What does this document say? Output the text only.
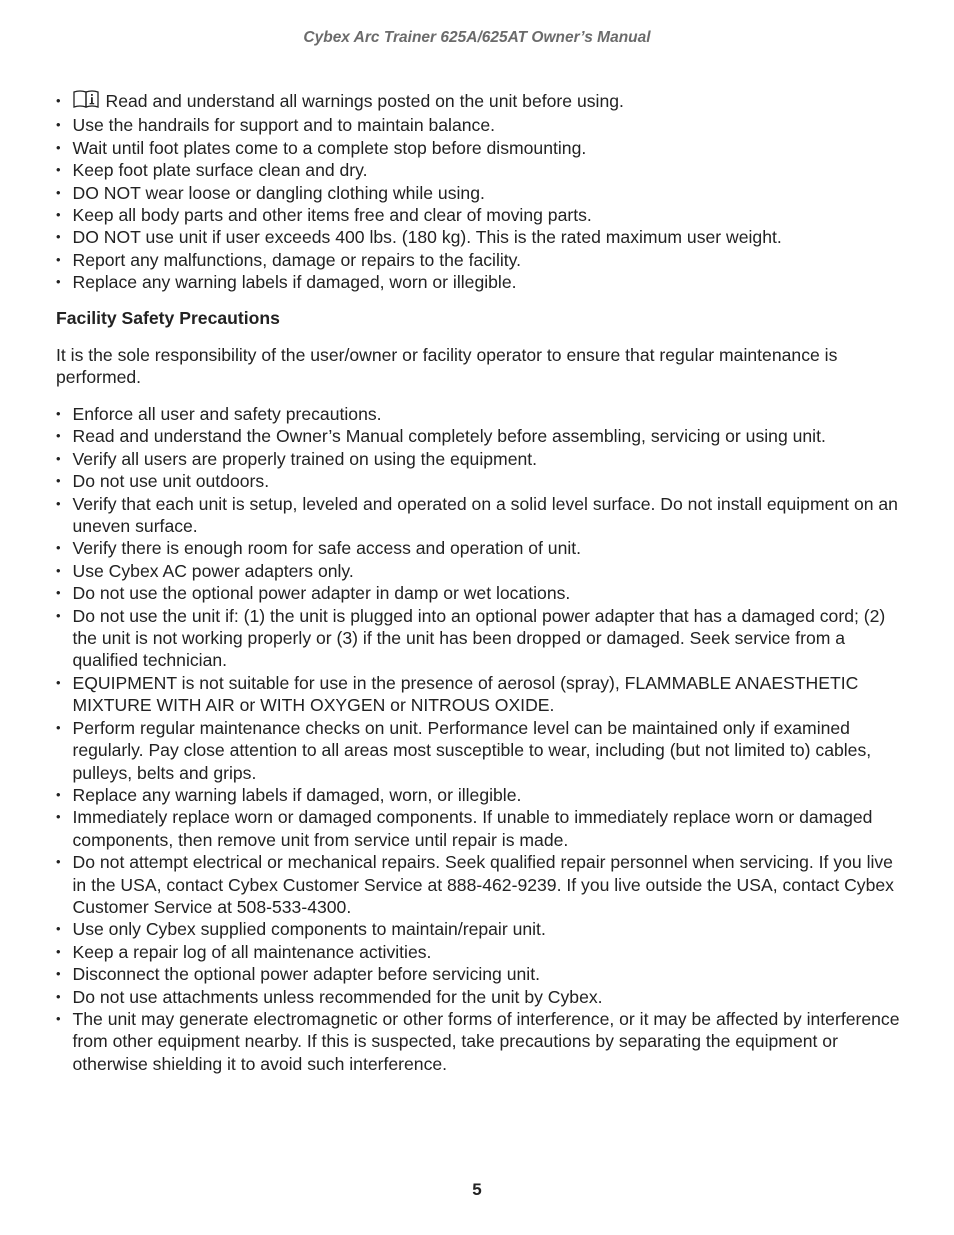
Cybex Arc Trainer 625A/625AT Owner’s Manual
•	Read and understand all warnings posted on the unit before using.
• Use the handrails for support and to maintain balance.
• Wait until foot plates come to a complete stop before dismounting.
• Keep foot plate surface clean and dry.
• DO NOT wear loose or dangling clothing while using.
• Keep all body parts and other items free and clear of moving parts.
• DO NOT use unit if user exceeds 400 lbs. (180 kg). This is the rated maximum user weight.
• Report any malfunctions, damage or repairs to the facility.
• Replace any warning labels if damaged, worn or illegible.
Facility Safety Precautions
It is the sole responsibility of the user/owner or facility operator to ensure that regular maintenance is performed.
• Enforce all user and safety precautions.
• Read and understand the Owner’s Manual completely before assembling, servicing or using unit.
• Verify all users are properly trained on using the equipment.
• Do not use unit outdoors.
• Verify that each unit is setup, leveled and operated on a solid level surface. Do not install equipment on an uneven surface.
• Verify there is enough room for safe access and operation of unit.
• Use Cybex AC power adapters only.
• Do not use the optional power adapter in damp or wet locations.
• Do not use the unit if: (1) the unit is plugged into an optional power adapter that has a damaged cord; (2) the unit is not working properly or (3) if the unit has been dropped or damaged. Seek service from a qualified technician.
• EQUIPMENT is not suitable for use in the presence of aerosol (spray), FLAMMABLE ANAESTHETIC MIXTURE WITH AIR or WITH OXYGEN or NITROUS OXIDE.
• Perform regular maintenance checks on unit. Performance level can be maintained only if examined regularly. Pay close attention to all areas most susceptible to wear, including (but not limited to) cables, pulleys, belts and grips.
• Replace any warning labels if damaged, worn, or illegible.
• Immediately replace worn or damaged components. If unable to immediately replace worn or damaged components, then remove unit from service until repair is made.
• Do not attempt electrical or mechanical repairs. Seek qualified repair personnel when servicing. If you live in the USA, contact Cybex Customer Service at 888-462-9239. If you live outside the USA, contact Cybex Customer Service at 508-533-4300.
• Use only Cybex supplied components to maintain/repair unit.
• Keep a repair log of all maintenance activities.
• Disconnect the optional power adapter before servicing unit.
• Do not use attachments unless recommended for the unit by Cybex.
• The unit may generate electromagnetic or other forms of interference, or it may be affected by interference from other equipment nearby. If this is suspected, take precautions by separating the equipment or otherwise shielding it to avoid such interference.
5
